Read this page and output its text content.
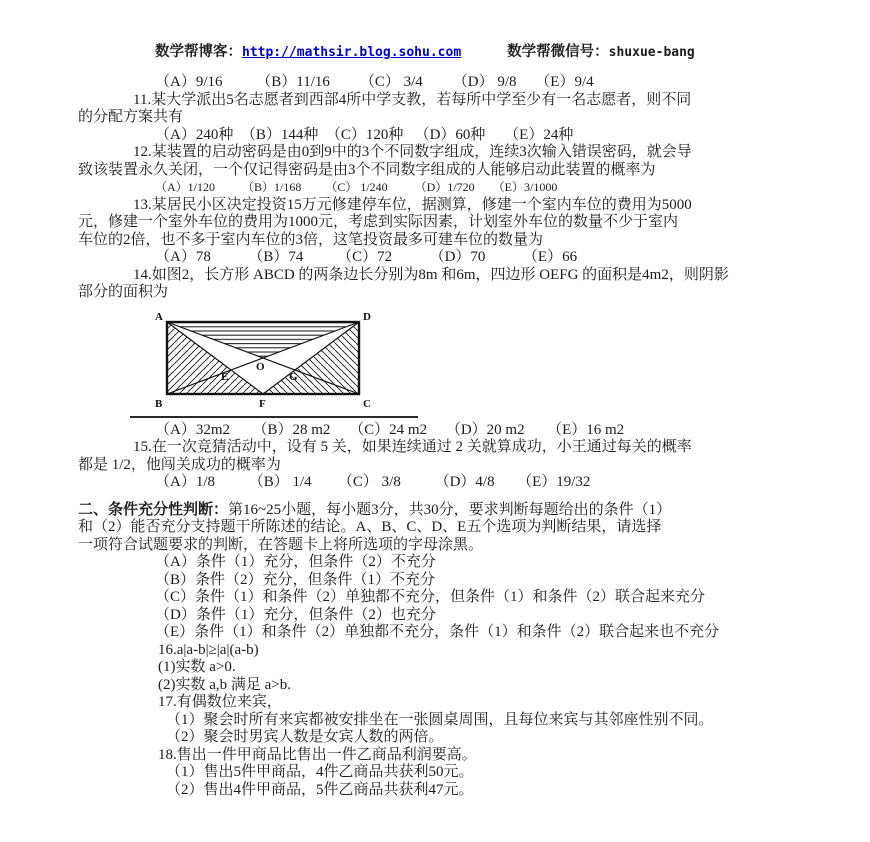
数学帮博客：http://mathsir.blog.sohu.com	数学帮微信号：shuxue-bang

（A）9/16         （B）11/16        （C） 3/4        （D） 9/8     （E）9/4
11.某大学派出5名志愿者到西部4所中学支教，若每所中学至少有一名志愿者，则不同
的分配方案共有
（A）240种  （B）144种  （C）120种   （D）60种     （E）24种
12.某装置的启动密码是由0到9中的3个不同数字组成，连续3次输入错误密码，就会导
致该装置永久关闭，一个仅记得密码是由3个不同数字组成的人能够启动此装置的概率为
（A）1/120         （B）1/168        （C） 1/240         （D）1/720      （E）3/1000
13.某居民小区决定投资15万元修建停车位，据测算，修建一个室内车位的费用为5000
元，修建一个室外车位的费用为1000元，考虑到实际因素，计划室外车位的数量不少于室内
车位的2倍，也不多于室内车位的3倍，这笔投资最多可建车位的数量为
（A）78          （B）74         （C）72          （D）70          （E）66
14.如图2，长方形 ABCD 的两条边长分别为8m 和6m，四边形 OEFG 的面积是4m2，则阴影
部分的面积为
A	D
B	C
O
E
F
G
（A）32m2      （B）28 m2     （C）24 m2     （D）20 m2      （E）16 m2
15.在一次竞猜活动中，设有 5 关，如果连续通过 2 关就算成功，小王通过每关的概率
都是 1/2，他闯关成功的概率为
（A）1/8         （B） 1/4       （C） 3/8         （D）4/8      （E）19/32
二、条件充分性判断：第16~25小题，每小题3分，共30分，要求判断每题给出的条件（1）
和（2）能否充分支持题干所陈述的结论。A、B、C、D、E五个选项为判断结果，请选择
一项符合试题要求的判断，在答题卡上将所选项的字母涂黑。
（A）条件（1）充分，但条件（2）不充分
（B）条件（2）充分，但条件（1）不充分
（C）条件（1）和条件（2）单独都不充分，但条件（1）和条件（2）联合起来充分
（D）条件（1）充分，但条件（2）也充分
（E）条件（1）和条件（2）单独都不充分，条件（1）和条件（2）联合起来也不充分
16.a|a-b|≥|a|(a-b)
(1)实数 a>0.
(2)实数 a,b 满足 a>b.
17.有偶数位来宾，
（1）聚会时所有来宾都被安排坐在一张圆桌周围，且每位来宾与其邻座性别不同。
（2）聚会时男宾人数是女宾人数的两倍。
18.售出一件甲商品比售出一件乙商品利润要高。
（1）售出5件甲商品，4件乙商品共获利50元。
（2）售出4件甲商品，5件乙商品共获利47元。
